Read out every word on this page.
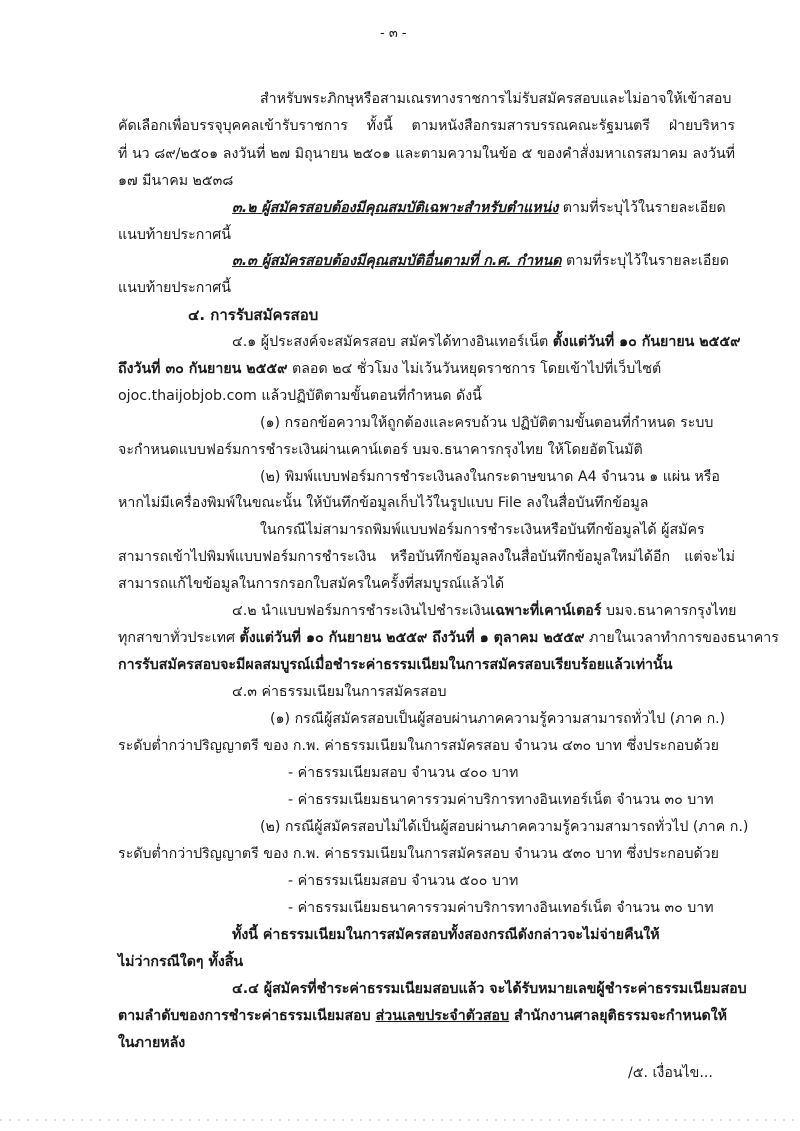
- ๓ -
สำหรับพระภิกษุหรือสามเณรทางราชการไม่รับสมัครสอบและไม่อาจให้เข้าสอบ
คัดเลือกเพื่อบรรจุบุคคลเข้ารับราชการ ทั้งนี้ ตามหนังสือกรมสารบรรณคณะรัฐมนตรี ฝ่ายบริหาร
ที่ นว ๘๙/๒๕๐๑ ลงวันที่ ๒๗ มิถุนายน ๒๕๐๑ และตามความในข้อ ๕ ของคำสั่งมหาเถรสมาคม ลงวันที่
๑๗ มีนาคม ๒๕๓๘
๓.๒ ผู้สมัครสอบต้องมีคุณสมบัติเฉพาะสำหรับตำแหน่ง ตามที่ระบุไว้ในรายละเอียด
แนบท้ายประกาศนี้
๓.๓ ผู้สมัครสอบต้องมีคุณสมบัติอื่นตามที่ ก.ศ. กำหนด ตามที่ระบุไว้ในรายละเอียด
แนบท้ายประกาศนี้
๔. การรับสมัครสอบ
๔.๑ ผู้ประสงค์จะสมัครสอบ สมัครได้ทางอินเทอร์เน็ต ตั้งแต่วันที่ ๑๐ กันยายน ๒๕๕๙
ถึงวันที่ ๓๐ กันยายน ๒๕๕๙ ตลอด ๒๔ ชั่วโมง ไม่เว้นวันหยุดราชการ โดยเข้าไปที่เว็บไซต์
ojoc.thaijobjob.com แล้วปฏิบัติตามขั้นตอนที่กำหนด ดังนี้
(๑) กรอกข้อความให้ถูกต้องและครบถ้วน ปฏิบัติตามขั้นตอนที่กำหนด ระบบ
จะกำหนดแบบฟอร์มการชำระเงินผ่านเคาน์เตอร์ บมจ.ธนาคารกรุงไทย ให้โดยอัตโนมัติ
(๒) พิมพ์แบบฟอร์มการชำระเงินลงในกระดาษขนาด A4 จำนวน ๑ แผ่น หรือ
หากไม่มีเครื่องพิมพ์ในขณะนั้น ให้บันทึกข้อมูลเก็บไว้ในรูปแบบ File ลงในสื่อบันทึกข้อมูล
ในกรณีไม่สามารถพิมพ์แบบฟอร์มการชำระเงินหรือบันทึกข้อมูลได้ ผู้สมัคร
สามารถเข้าไปพิมพ์แบบฟอร์มการชำระเงิน หรือบันทึกข้อมูลลงในสื่อบันทึกข้อมูลใหม่ได้อีก แต่จะไม่
สามารถแก้ไขข้อมูลในการกรอกใบสมัครในครั้งที่สมบูรณ์แล้วได้
๔.๒ นำแบบฟอร์มการชำระเงินไปชำระเงินเฉพาะที่เคาน์เตอร์ บมจ.ธนาคารกรุงไทย
ทุกสาขาทั่วประเทศ ตั้งแต่วันที่ ๑๐ กันยายน ๒๕๕๙ ถึงวันที่ ๑ ตุลาคม ๒๕๕๙ ภายในเวลาทำการของธนาคาร
การรับสมัครสอบจะมีผลสมบูรณ์เมื่อชำระค่าธรรมเนียมในการสมัครสอบเรียบร้อยแล้วเท่านั้น
๔.๓ ค่าธรรมเนียมในการสมัครสอบ
(๑) กรณีผู้สมัครสอบเป็นผู้สอบผ่านภาคความรู้ความสามารถทั่วไป (ภาค ก.)
ระดับต่ำกว่าปริญญาตรี ของ ก.พ. ค่าธรรมเนียมในการสมัครสอบ จำนวน ๔๓๐ บาท ซึ่งประกอบด้วย
- ค่าธรรมเนียมสอบ จำนวน ๔๐๐ บาท
- ค่าธรรมเนียมธนาคารรวมค่าบริการทางอินเทอร์เน็ต จำนวน ๓๐ บาท
(๒) กรณีผู้สมัครสอบไม่ได้เป็นผู้สอบผ่านภาคความรู้ความสามารถทั่วไป (ภาค ก.)
ระดับต่ำกว่าปริญญาตรี ของ ก.พ. ค่าธรรมเนียมในการสมัครสอบ จำนวน ๕๓๐ บาท ซึ่งประกอบด้วย
- ค่าธรรมเนียมสอบ จำนวน ๕๐๐ บาท
- ค่าธรรมเนียมธนาคารรวมค่าบริการทางอินเทอร์เน็ต จำนวน ๓๐ บาท
ทั้งนี้ ค่าธรรมเนียมในการสมัครสอบทั้งสองกรณีดังกล่าวจะไม่จ่ายคืนให้
ไม่ว่ากรณีใดๆ ทั้งสิ้น
๔.๔ ผู้สมัครที่ชำระค่าธรรมเนียมสอบแล้ว จะได้รับหมายเลขผู้ชำระค่าธรรมเนียมสอบ
ตามลำดับของการชำระค่าธรรมเนียมสอบ ส่วนเลขประจำตัวสอบ สำนักงานศาลยุติธรรมจะกำหนดให้
ในภายหลัง
/๕. เงื่อนไข...
